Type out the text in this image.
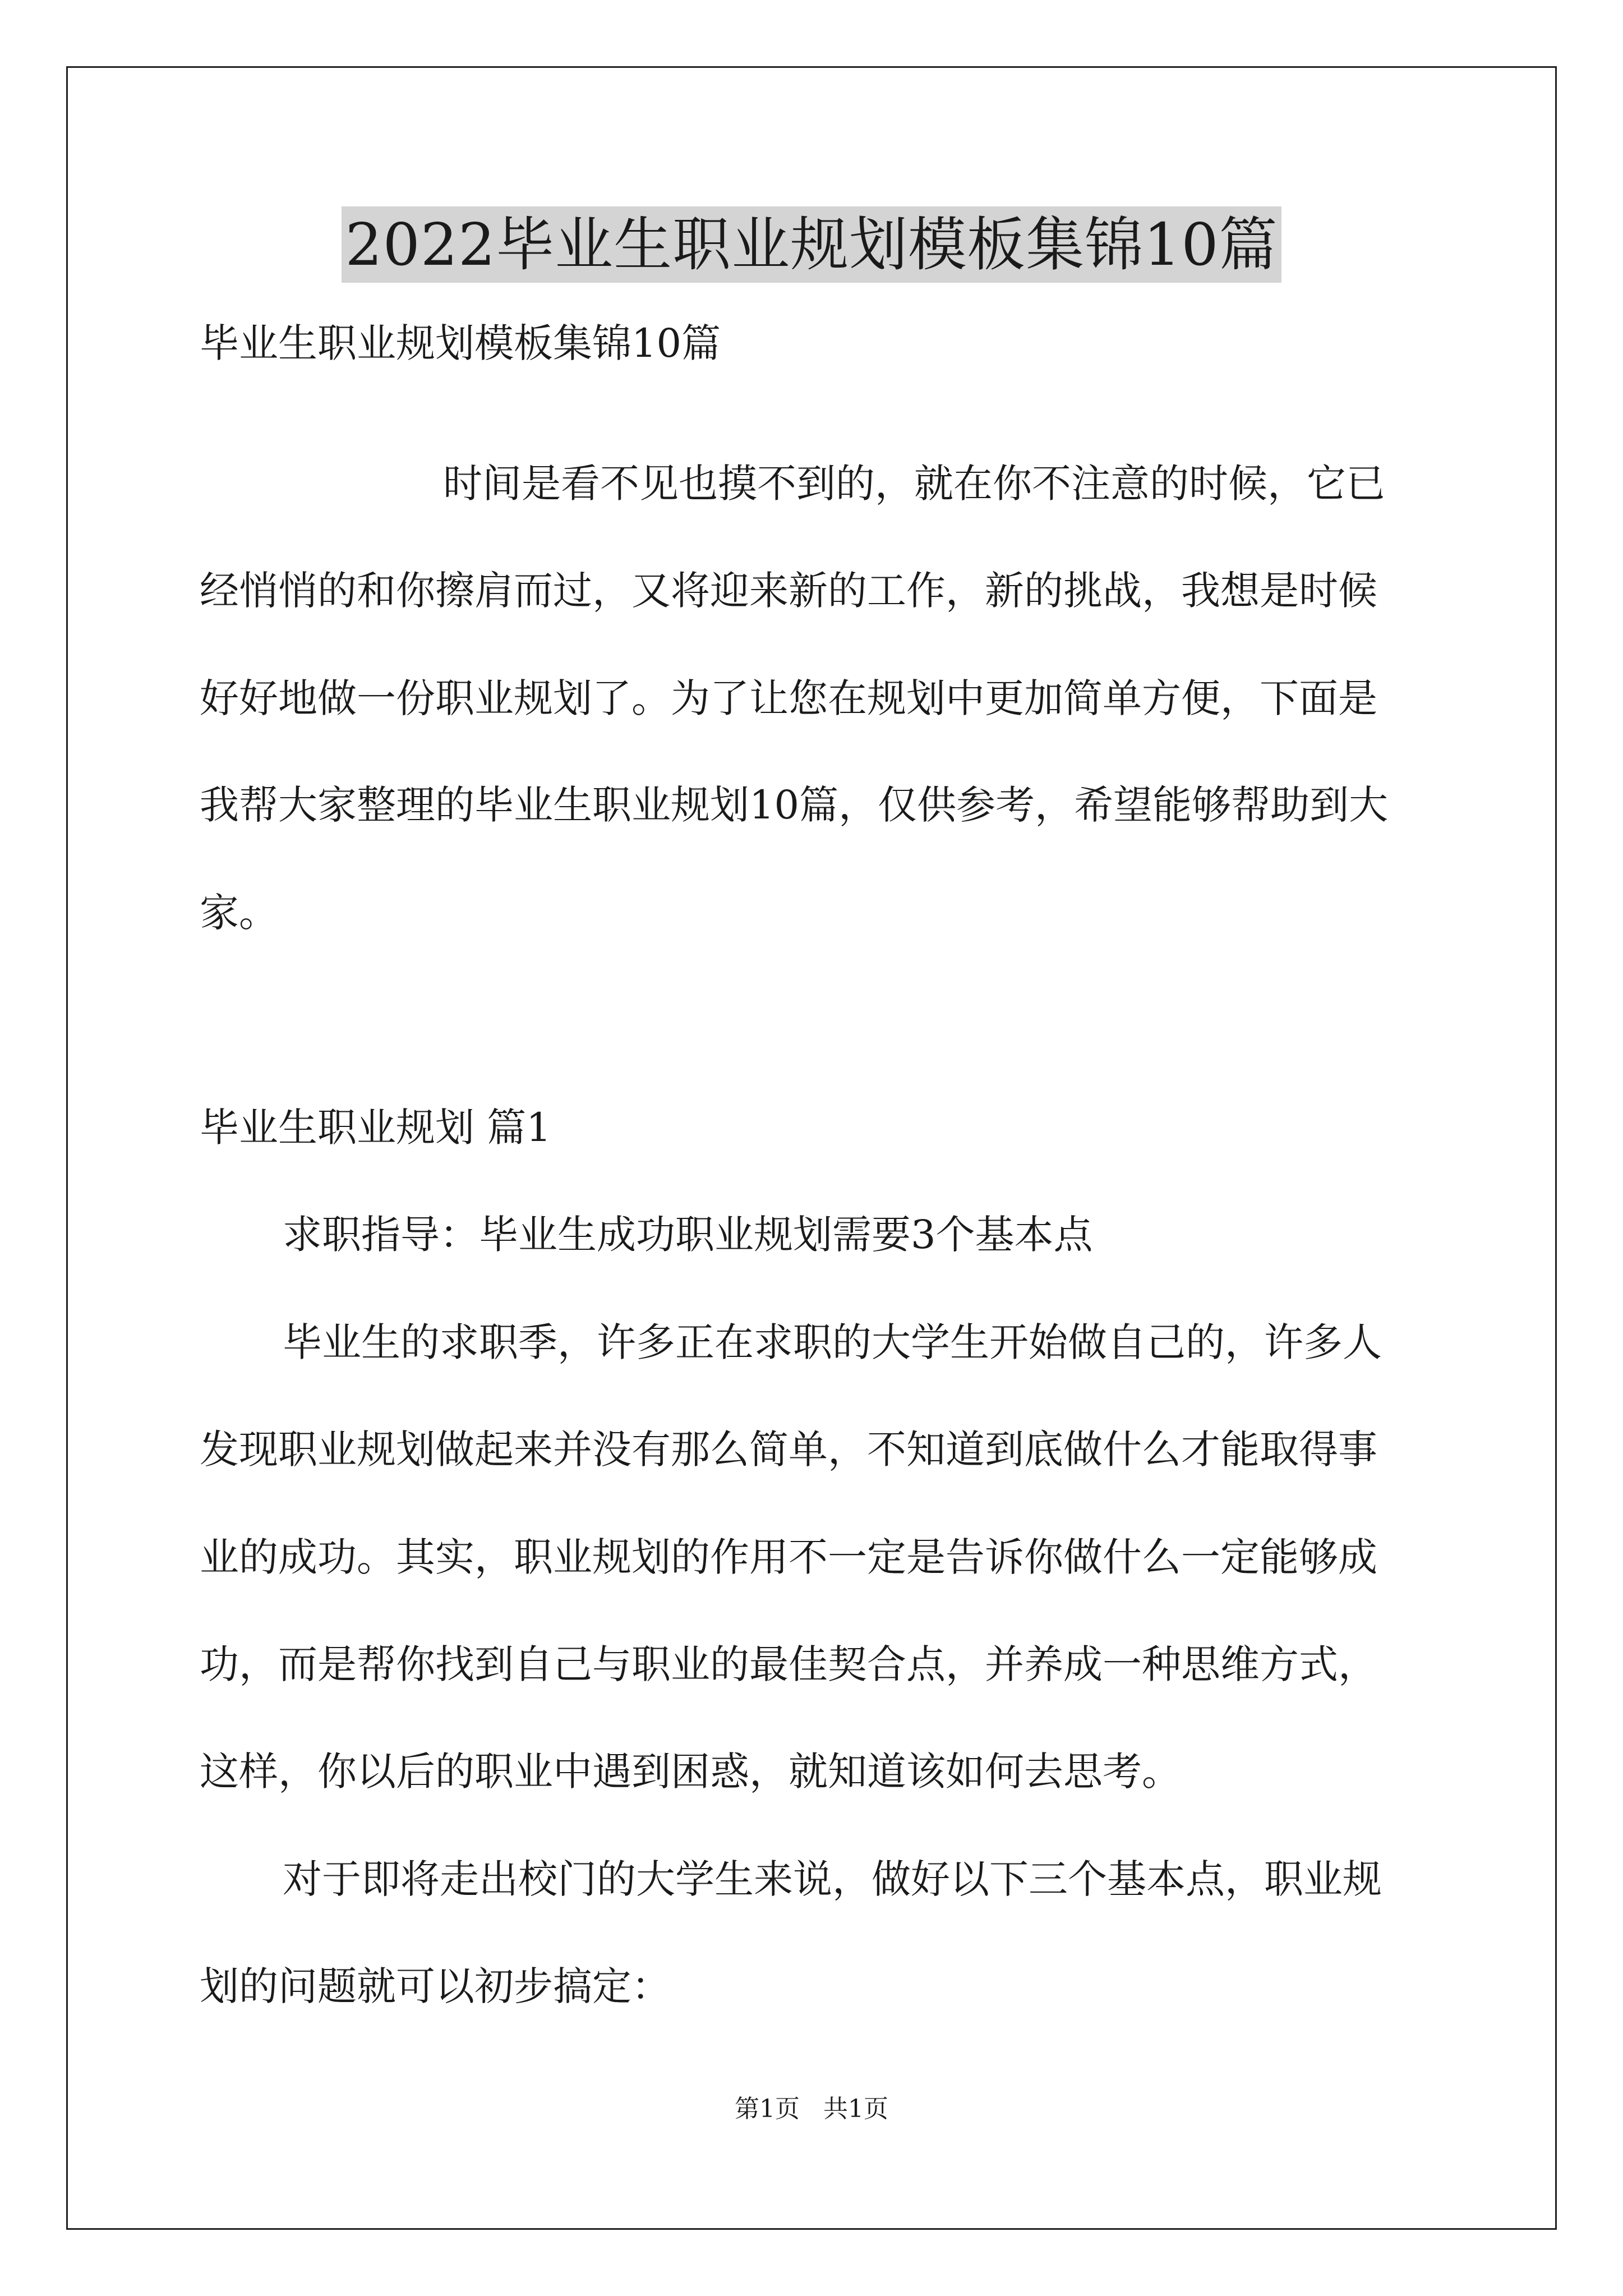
2022毕业生职业规划模板集锦10篇
毕业生职业规划模板集锦10篇
时间是看不见也摸不到的，就在你不注意的时候，它已
经悄悄的和你擦肩而过，又将迎来新的工作，新的挑战，我想是时候
好好地做一份职业规划了。为了让您在规划中更加简单方便，下面是
我帮大家整理的毕业生职业规划10篇，仅供参考，希望能够帮助到大
家。
毕业生职业规划 篇1
求职指导：毕业生成功职业规划需要3个基本点
毕业生的求职季，许多正在求职的大学生开始做自己的，许多人
发现职业规划做起来并没有那么简单，不知道到底做什么才能取得事
业的成功。其实，职业规划的作用不一定是告诉你做什么一定能够成
功，而是帮你找到自己与职业的最佳契合点，并养成一种思维方式，
这样，你以后的职业中遇到困惑，就知道该如何去思考。
对于即将走出校门的大学生来说，做好以下三个基本点，职业规
划的问题就可以初步搞定：
第1页   共1页
